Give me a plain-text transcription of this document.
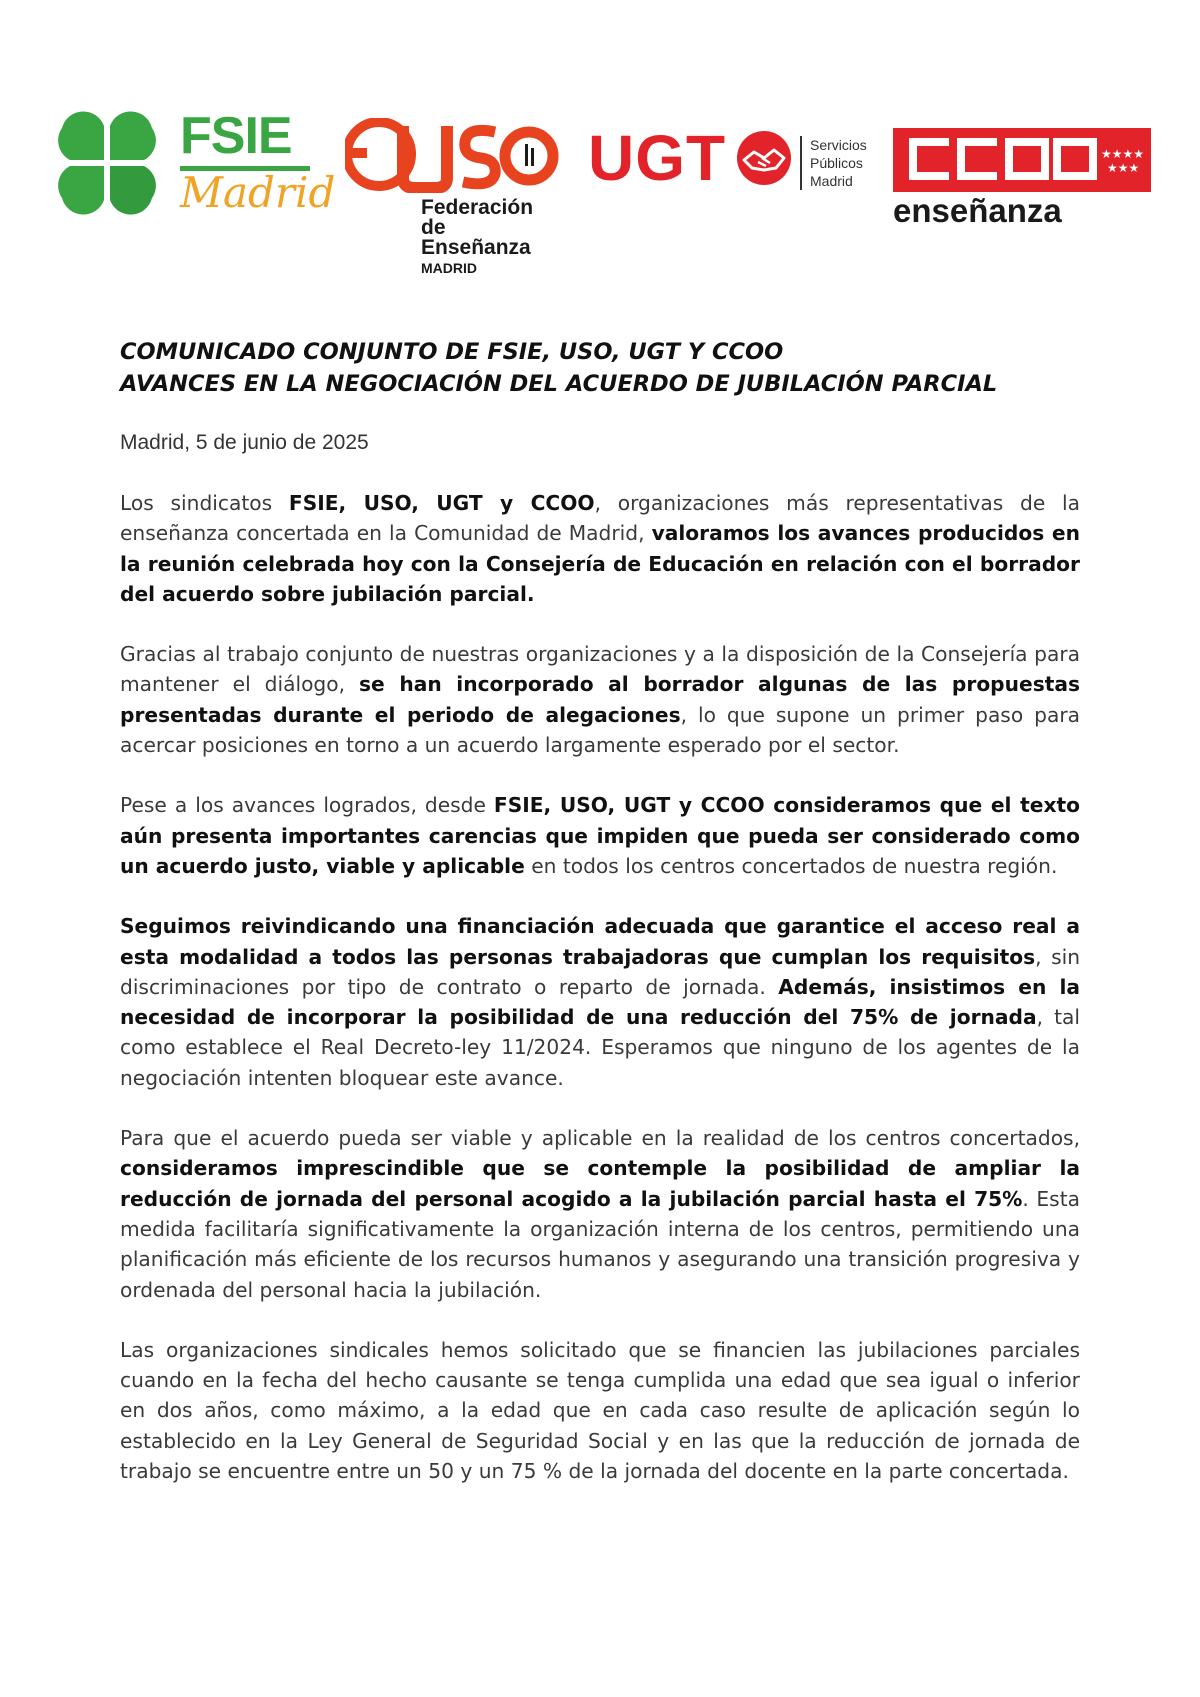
FSIE
Madrid	Federación
de Enseñanza
MADRID
UGT	Servicios
Públicos
Madrid
★★★★
★★★
enseñanza
COMUNICADO CONJUNTO DE FSIE, USO, UGT Y CCOO
AVANCES EN LA NEGOCIACIÓN DEL ACUERDO DE JUBILACIÓN PARCIAL

Madrid, 5 de junio de 2025

Los sindicatos FSIE, USO, UGT y CCOO, organizaciones más representativas de la enseñanza concertada en la Comunidad de Madrid, valoramos los avances producidos en la reunión celebrada hoy con la Consejería de Educación en relación con el borrador del acuerdo sobre jubilación parcial.

Gracias al trabajo conjunto de nuestras organizaciones y a la disposición de la Consejería para mantener el diálogo, se han incorporado al borrador algunas de las propuestas presentadas durante el periodo de alegaciones, lo que supone un primer paso para acercar posiciones en torno a un acuerdo largamente esperado por el sector.

Pese a los avances logrados, desde FSIE, USO, UGT y CCOO consideramos que el texto aún presenta importantes carencias que impiden que pueda ser considerado como un acuerdo justo, viable y aplicable en todos los centros concertados de nuestra región.

Seguimos reivindicando una financiación adecuada que garantice el acceso real a esta modalidad a todos las personas trabajadoras que cumplan los requisitos, sin discriminaciones por tipo de contrato o reparto de jornada. Además, insistimos en la necesidad de incorporar la posibilidad de una reducción del 75% de jornada, tal como establece el Real Decreto-ley 11/2024. Esperamos que ninguno de los agentes de la negociación intenten bloquear este avance.

Para que el acuerdo pueda ser viable y aplicable en la realidad de los centros concertados, consideramos imprescindible que se contemple la posibilidad de ampliar la reducción de jornada del personal acogido a la jubilación parcial hasta el 75%. Esta medida facilitaría significativamente la organización interna de los centros, permitiendo una planificación más eficiente de los recursos humanos y asegurando una transición progresiva y ordenada del personal hacia la jubilación.

Las organizaciones sindicales hemos solicitado que se financien las jubilaciones parciales cuando en la fecha del hecho causante se tenga cumplida una edad que sea igual o inferior en dos años, como máximo, a la edad que en cada caso resulte de aplicación según lo establecido en la Ley General de Seguridad Social y en las que la reducción de jornada de trabajo se encuentre entre un 50 y un 75 % de la jornada del docente en la parte concertada.
